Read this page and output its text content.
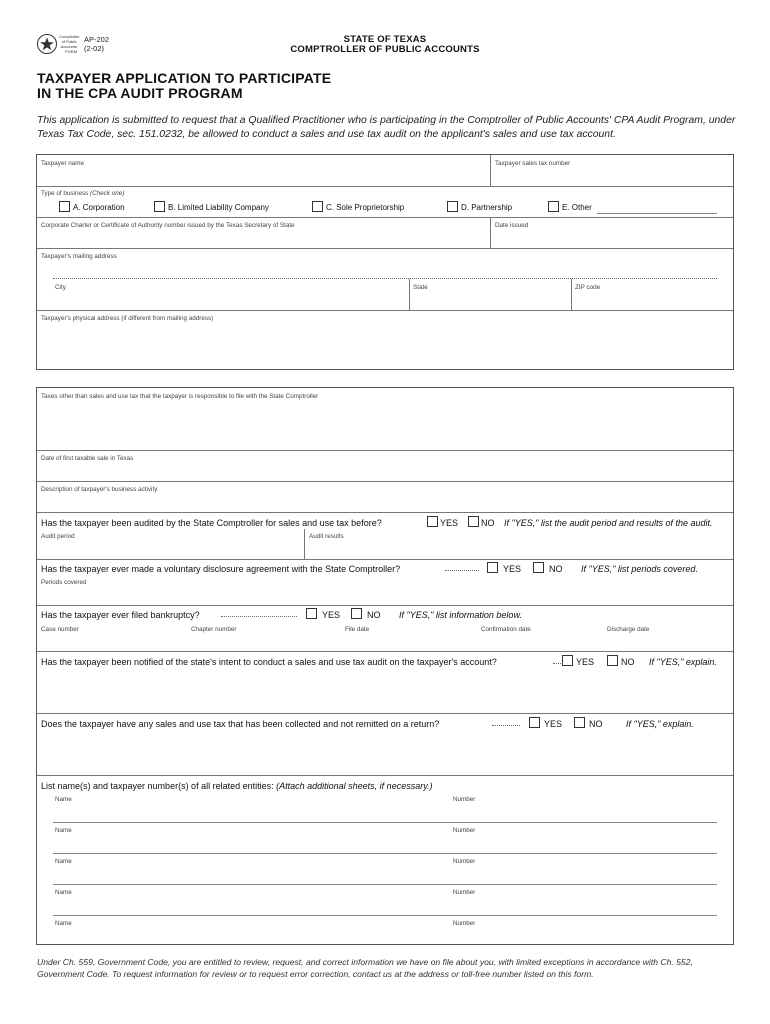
Comptroller
of Public
Accounts
FORM
AP-202
(2-02)
STATE OF TEXAS
COMPTROLLER OF PUBLIC ACCOUNTS
TAXPAYER APPLICATION TO PARTICIPATE
IN THE CPA AUDIT PROGRAM
This application is submitted to request that a Qualified Practitioner who is participating in the Comptroller of Public Accounts' CPA Audit Program, under Texas Tax Code, sec. 151.0232, be allowed to conduct a sales and use tax audit on the applicant's sales and use tax account.
Taxpayer name	Taxpayer sales tax number
Type of business (Check one)
A. Corporation	B. Limited Liability Company	C. Sole Proprietorship	D. Partnership	E. Other
Corporate Charter or Certificate of Authority number issued by the Texas Secretary of State	Date issued
Taxpayer's mailing address
City	State	ZIP code
Taxpayer's physical address (if different from mailing address)
Taxes other than sales and use tax that the taxpayer is responsible to file with the State Comptroller
Date of first taxable sale in Texas
Description of taxpayer's business activity
Has the taxpayer been audited by the State Comptroller for sales and use tax before?	YES	NO If "YES," list the audit period and results of the audit.
Audit period	Audit results
Has the taxpayer ever made a voluntary disclosure agreement with the State Comptroller?	YES	NO If "YES," list periods covered.
Periods covered
Has the taxpayer ever filed bankruptcy?	YES	NO If "YES," list information below.
Case number	Chapter number	File date	Confirmation date	Discharge date
Has the taxpayer been notified of the state's intent to conduct a sales and use tax audit on the taxpayer's account?	YES	NO If "YES," explain.
Does the taxpayer have any sales and use tax that has been collected and not remitted on a return?	YES	NO	If "YES," explain.
List name(s) and taxpayer number(s) of all related entities: (Attach additional sheets, if necessary.)
Name	Number
Name	Number
Name	Number
Name	Number
Name	Number
Under Ch. 559, Government Code, you are entitled to review, request, and correct information we have on file about you, with limited exceptions in accordance with Ch. 552, Government Code. To request information for review or to request error correction, contact us at the address or toll-free number listed on this form.
